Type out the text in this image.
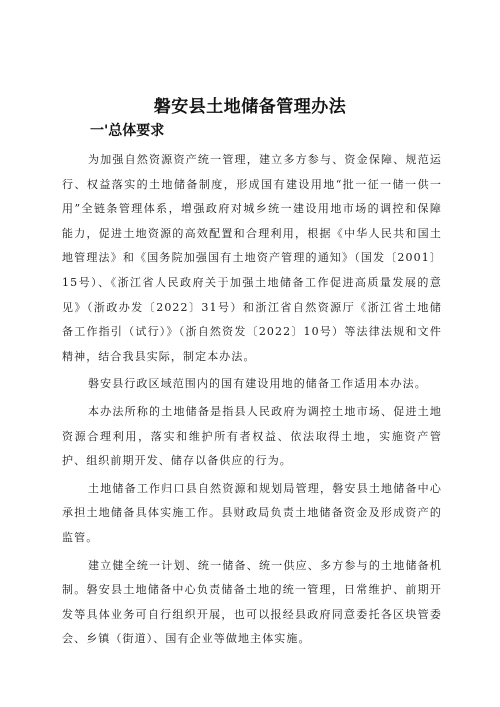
磐安县土地储备管理办法
一'总体要求

为加强自然资源资产统一管理，建立多方参与、资金保障、规范运行、权益落实的土地储备制度，形成国有建设用地“批一征一储一供一用”全链条管理体系，增强政府对城乡统一建设用地市场的调控和保障能力，促进土地资源的高效配置和合理利用，根据《中华人民共和国土地管理法》和《国务院加强国有土地资产管理的通知》（国发〔2001〕15号）、《浙江省人民政府关于加强土地储备工作促进高质量发展的意见》（浙政办发〔2022〕31号）和浙江省自然资源厅《浙江省土地储备工作指引（试行）》（浙自然资发〔2022〕10号）等法律法规和文件精神，结合我县实际，制定本办法。

磐安县行政区域范围内的国有建设用地的储备工作适用本办法。

本办法所称的土地储备是指县人民政府为调控土地市场、促进土地资源合理利用，落实和维护所有者权益、依法取得土地，实施资产管护、组织前期开发、储存以备供应的行为。

土地储备工作归口县自然资源和规划局管理，磐安县土地储备中心承担土地储备具体实施工作。县财政局负责土地储备资金及形成资产的监管。

建立健全统一计划、统一储备、统一供应、多方参与的土地储备机制。磐安县土地储备中心负责储备土地的统一管理，日常维护、前期开发等具体业务可自行组织开展，也可以报经县政府同意委托各区块管委会、乡镇（街道）、国有企业等做地主体实施。
